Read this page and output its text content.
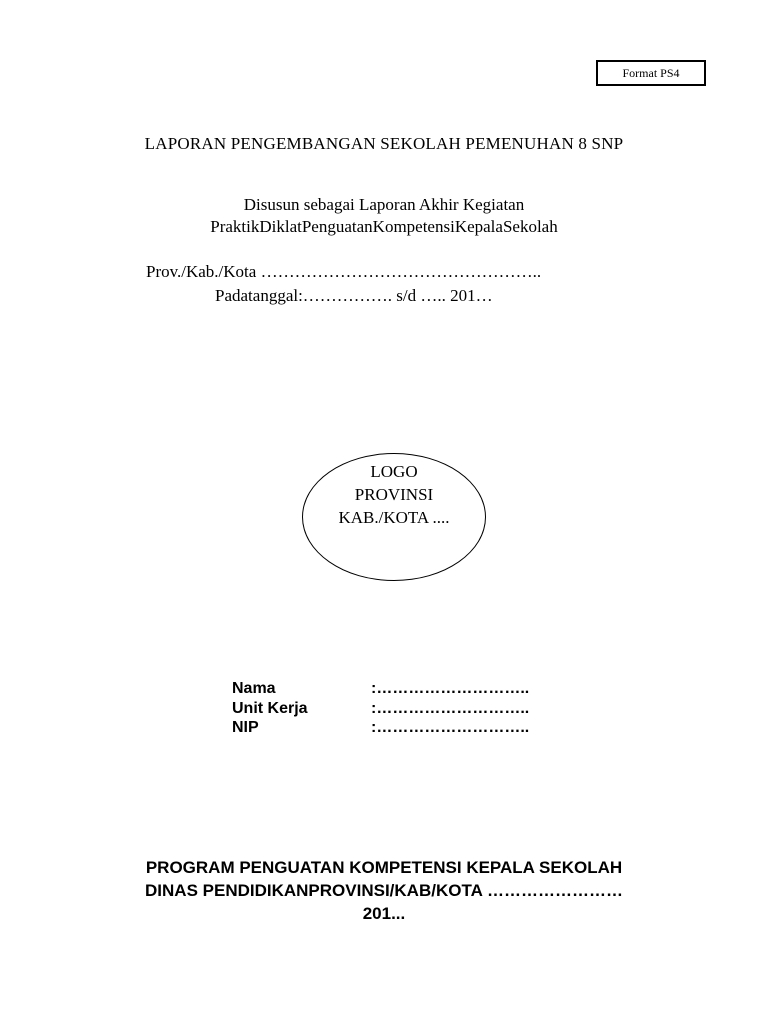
Format PS4
LAPORAN PENGEMBANGAN SEKOLAH PEMENUHAN 8 SNP
Disusun sebagai Laporan Akhir Kegiatan
PraktikDiklatPenguatanKompetensiKepalaSekolah
Prov./Kab./Kota …………………………………………..
Padatanggal:……………. s/d ….. 201…
LOGO
PROVINSI
KAB./KOTA ....
Nama	:………………………..
Unit Kerja	:………………………..
NIP	:………………………..
PROGRAM PENGUATAN KOMPETENSI KEPALA SEKOLAH
DINAS PENDIDIKANPROVINSI/KAB/KOTA ……………………
201...
